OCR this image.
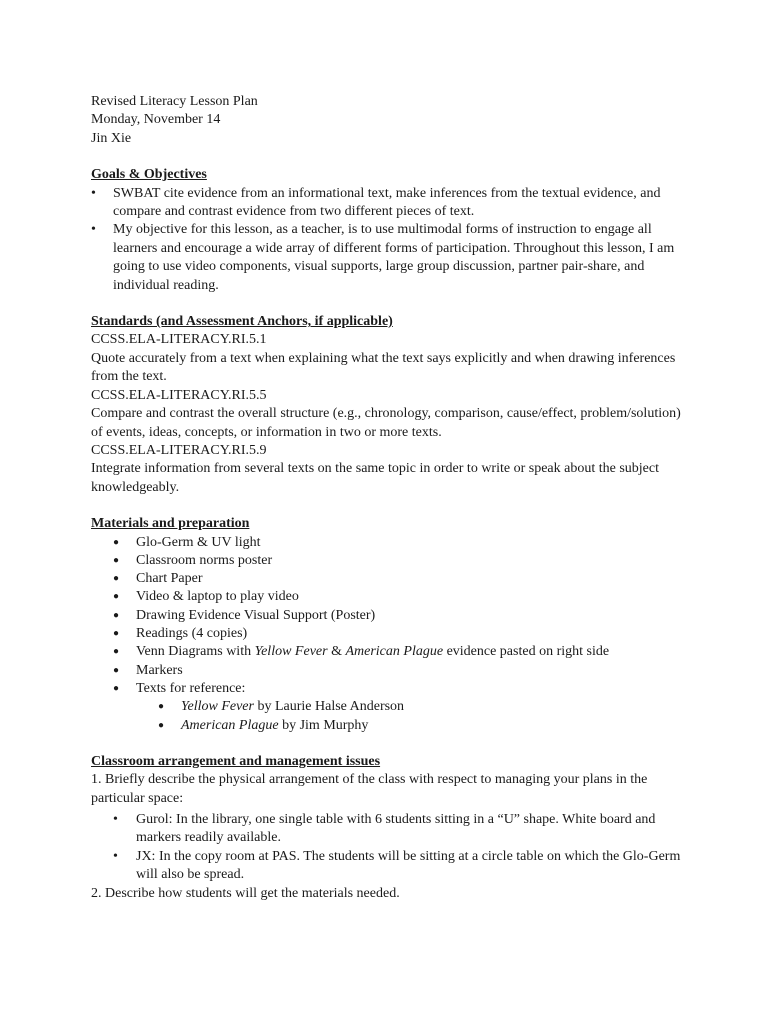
Revised Literacy Lesson Plan

Monday, November 14

Jin Xie

Goals & Objectives

• SWBAT cite evidence from an informational text, make inferences from the textual evidence, and compare and contrast evidence from two different pieces of text.
• My objective for this lesson, as a teacher, is to use multimodal forms of instruction to engage all learners and encourage a wide array of different forms of participation. Throughout this lesson, I am going to use video components, visual supports, large group discussion, partner pair-share, and individual reading.

Standards (and Assessment Anchors, if applicable)

CCSS.ELA-LITERACY.RI.5.1

Quote accurately from a text when explaining what the text says explicitly and when drawing inferences from the text.

CCSS.ELA-LITERACY.RI.5.5

Compare and contrast the overall structure (e.g., chronology, comparison, cause/effect, problem/solution) of events, ideas, concepts, or information in two or more texts.

CCSS.ELA-LITERACY.RI.5.9

Integrate information from several texts on the same topic in order to write or speak about the subject knowledgeably.

Materials and preparation

● Glo-Germ & UV light
● Classroom norms poster
● Chart Paper
● Video & laptop to play video
● Drawing Evidence Visual Support (Poster)
● Readings (4 copies)
● Venn Diagrams with Yellow Fever & American Plague evidence pasted on right side
● Markers
● Texts for reference:
● Yellow Fever by Laurie Halse Anderson
● American Plague by Jim Murphy

Classroom arrangement and management issues

1. Briefly describe the physical arrangement of the class with respect to managing your plans in the particular space:

• Gurol: In the library, one single table with 6 students sitting in a “U” shape. White board and markers readily available.
• JX: In the copy room at PAS. The students will be sitting at a circle table on which the Glo-Germ will also be spread.

2. Describe how students will get the materials needed.
